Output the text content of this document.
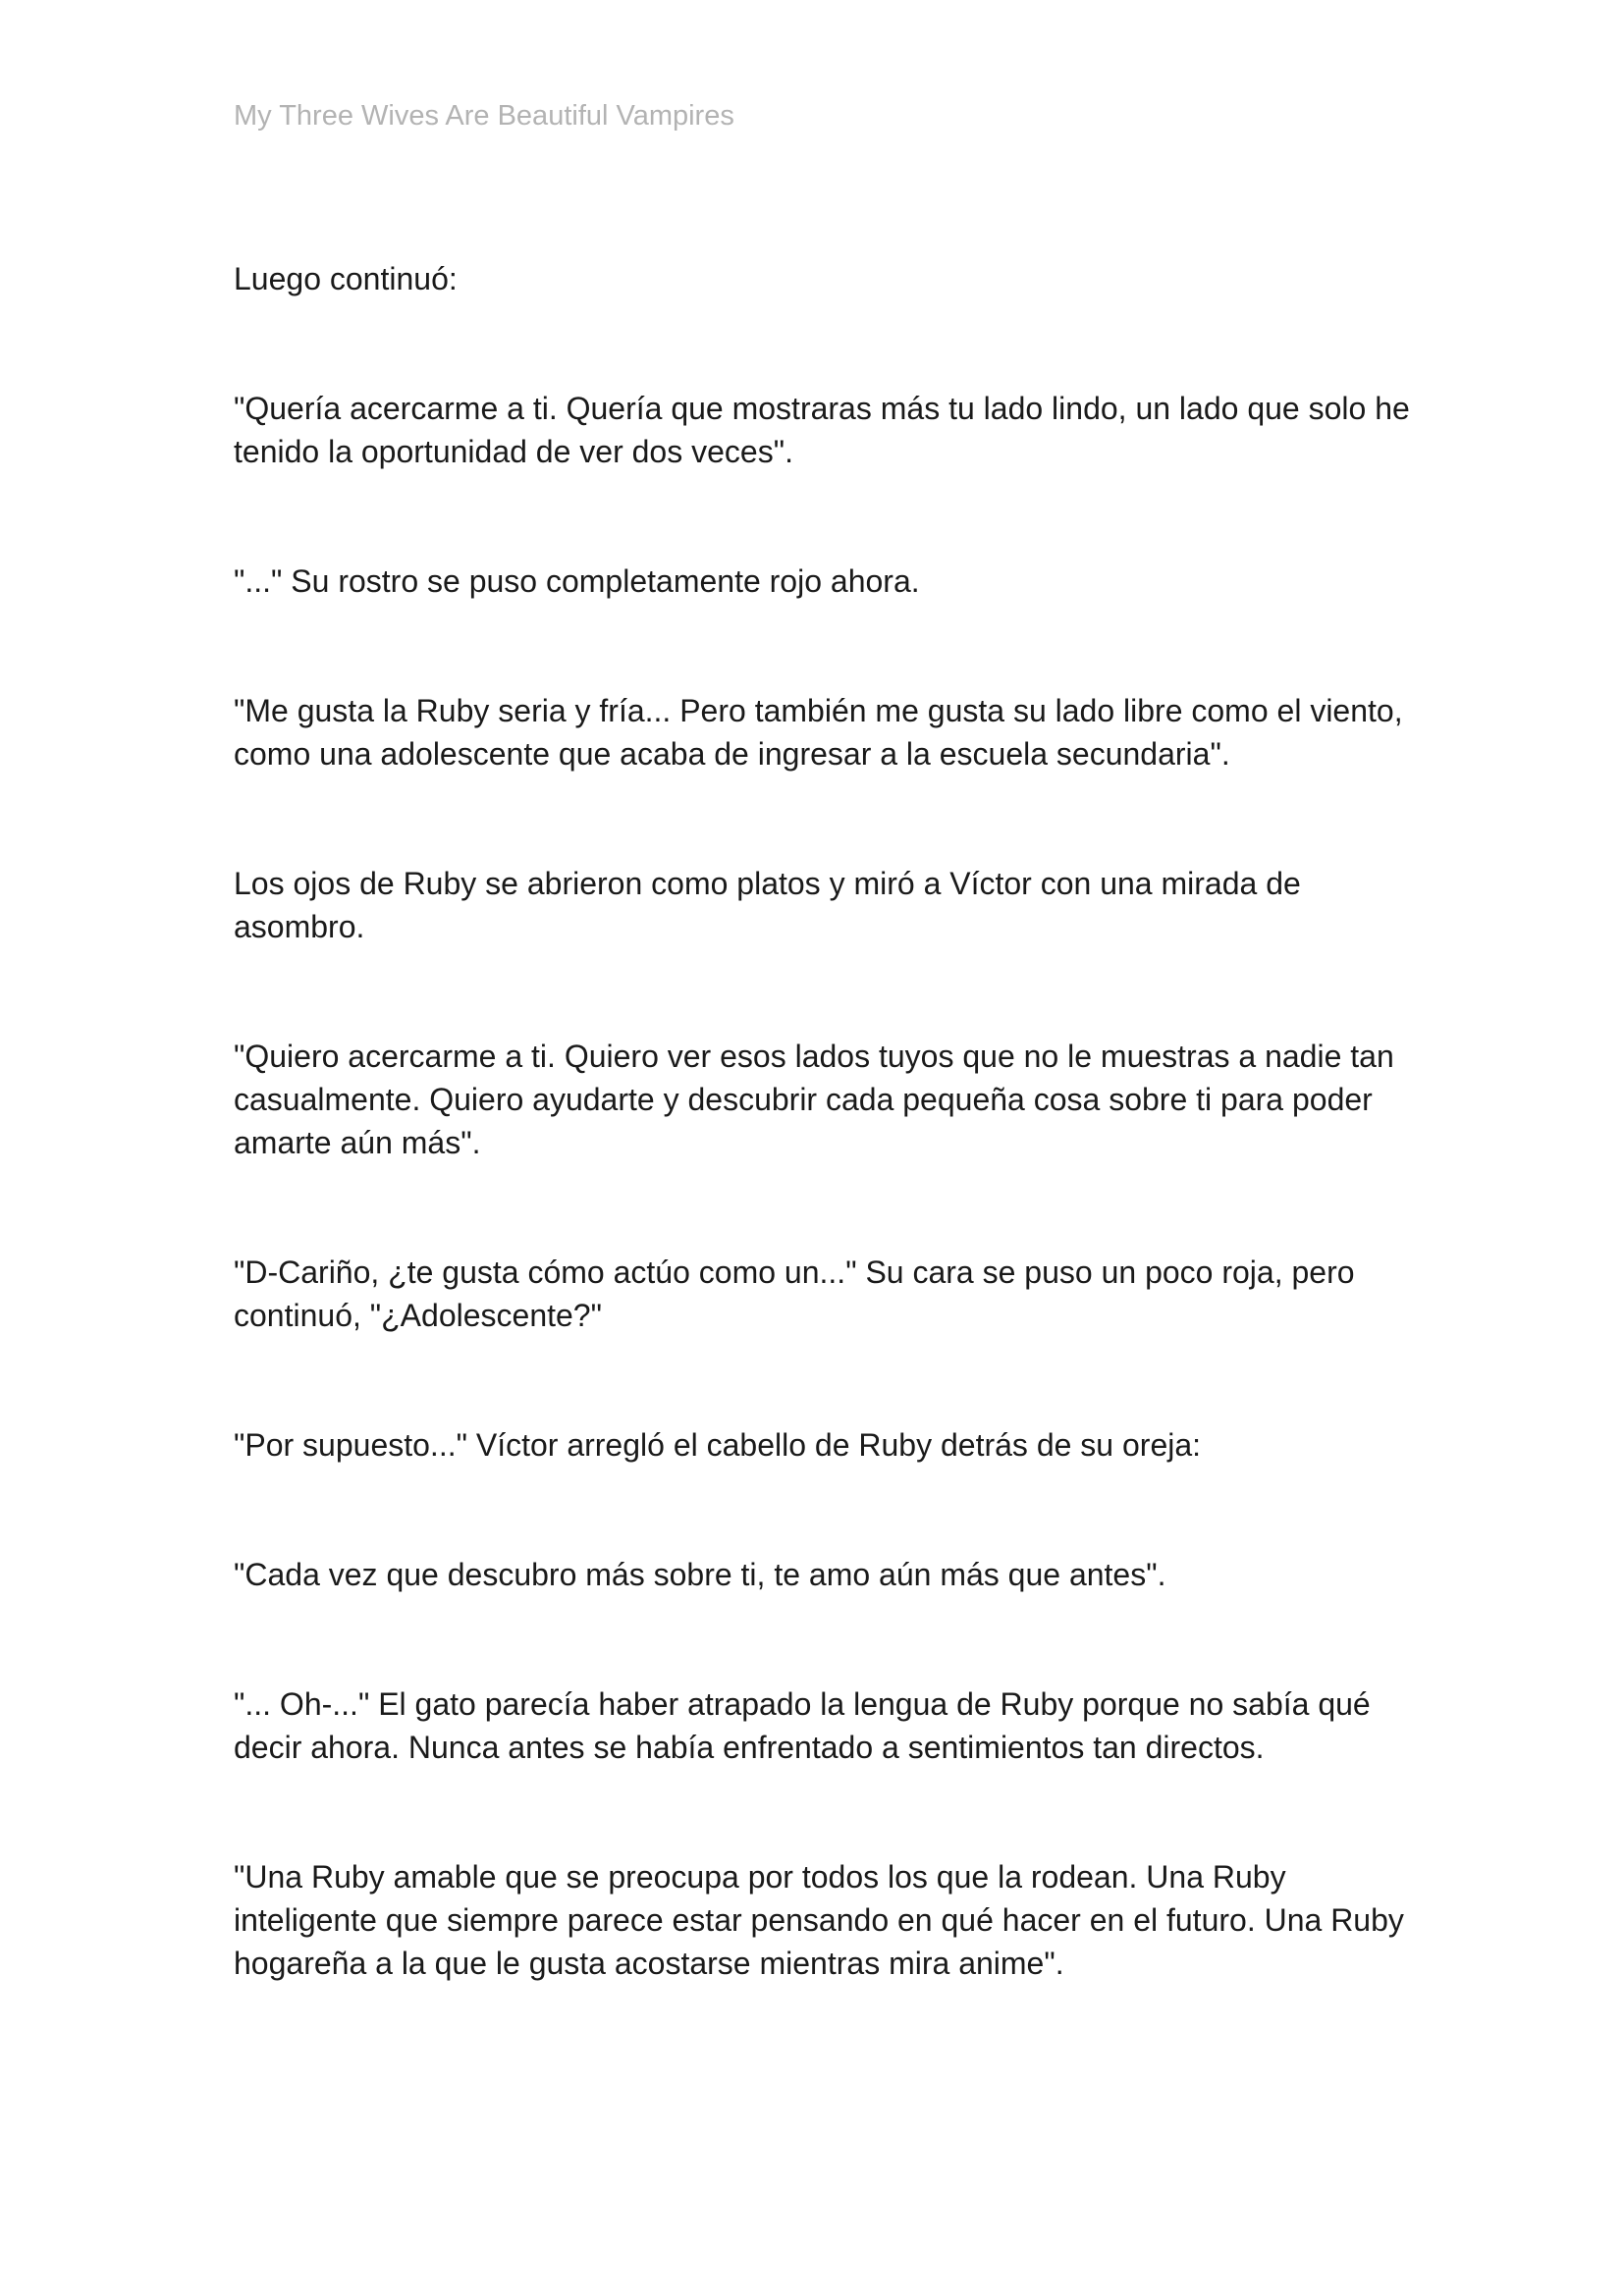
My Three Wives Are Beautiful Vampires

Luego continuó:

"Quería acercarme a ti. Quería que mostraras más tu lado lindo, un lado que solo he tenido la oportunidad de ver dos veces".

"..." Su rostro se puso completamente rojo ahora.

"Me gusta la Ruby seria y fría... Pero también me gusta su lado libre como el viento, como una adolescente que acaba de ingresar a la escuela secundaria".

Los ojos de Ruby se abrieron como platos y miró a Víctor con una mirada de asombro.

"Quiero acercarme a ti. Quiero ver esos lados tuyos que no le muestras a nadie tan casualmente. Quiero ayudarte y descubrir cada pequeña cosa sobre ti para poder amarte aún más".

"D-Cariño, ¿te gusta cómo actúo como un..." Su cara se puso un poco roja, pero continuó, "¿Adolescente?"

"Por supuesto..." Víctor arregló el cabello de Ruby detrás de su oreja:

"Cada vez que descubro más sobre ti, te amo aún más que antes".

"... Oh-..." El gato parecía haber atrapado la lengua de Ruby porque no sabía qué decir ahora. Nunca antes se había enfrentado a sentimientos tan directos.

"Una Ruby amable que se preocupa por todos los que la rodean. Una Ruby inteligente que siempre parece estar pensando en qué hacer en el futuro. Una Ruby hogareña a la que le gusta acostarse mientras mira anime".
